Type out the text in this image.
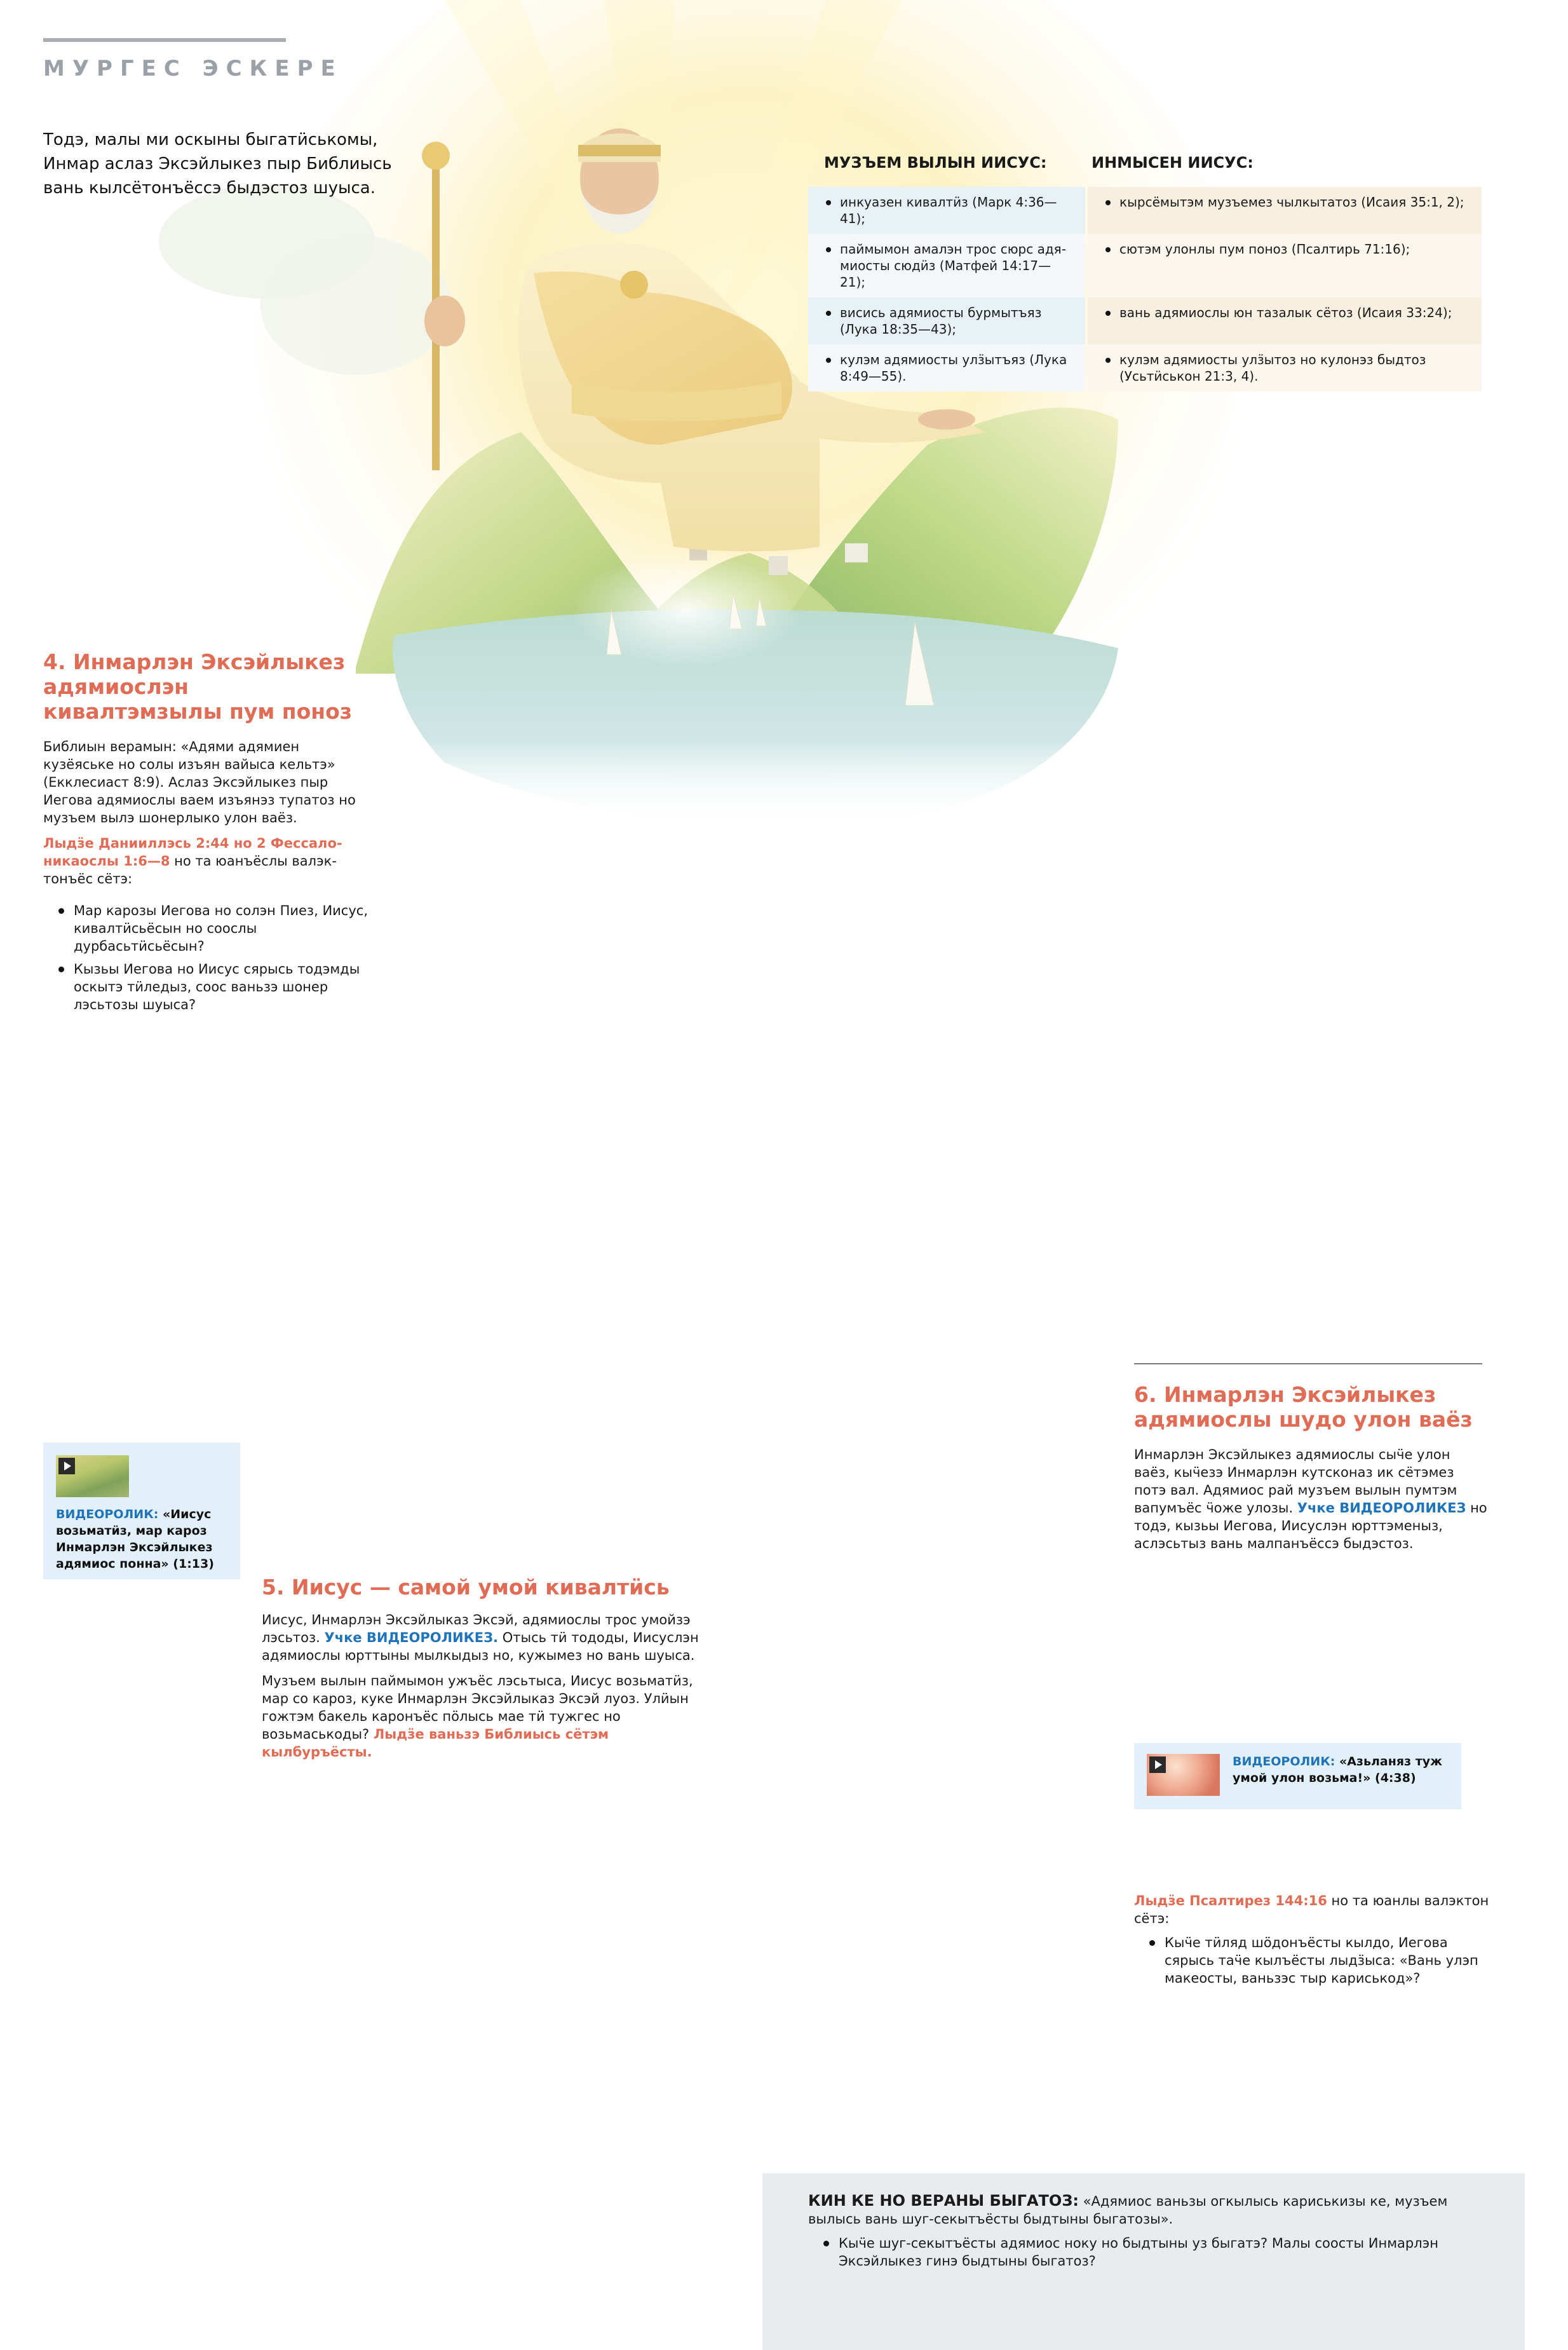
МУРГЕС ЭСКЕРЕ
Тодэ, малы ми оскыны быгатӥськомы, Инмар аслаз Эксэйлыкез пыр Библиысь вань кылсётонъёссэ быдэстоз шуыса.
МУЗЪЕМ ВЫЛЫН ИИСУС:	ИНМЫСЕН ИИСУС:
инкуазен кивалтӥз (Марк 4:36—41);
кырсёмытэм музъемез чылкытатоз (Исаия 35:1, 2);
паймымон амалэн трос сюрс адямиосты сюдӥз (Матфей 14:17—21);
сютэм улонлы пум поноз (Псалтирь 71:16);
висись адямиосты бурмытъяз (Лука 18:35—43);
вань адямиослы юн тазалык сётоз (Исаия 33:24);
кулэм адямиосты улӟытъяз (Лука 8:49—55).
кулэм адямиосты улӟытоз но кулонэз быдтоз (Усьтӥськон 21:3, 4).
4. Инмарлэн Эксэйлыкез адямиослэн кивалтэмзылы пум поноз
Библиын верамын: «Адями адямиен кузёяське но солы изъян вайыса кельтэ» (Екклесиаст 8:9). Аслаз Эксэйлыкез пыр Иегова адямиослы ваем изъянэз тупатоз но музъем вылэ шонерлыко улон ваёз.
Лыдӟе Данииллэсь 2:44 но 2 Фессалоникаослы 1:6—8 но та юанъёслы валэктонъёс сётэ:
Мар карозы Иегова но солэн Пиез, Иисус, кивалтӥсьёсын но соослы дурбасьтӥсьёсын?
Кызьы Иегова но Иисус сярысь тодэмды оскытэ тӥледыз, соос ваньзэ шонер лэсьтозы шуыса?
ВИДЕОРОЛИК: «Иисус возьматӥз, мар кароз Инмарлэн Эксэйлыкез адямиос понна» (1:13)
5. Иисус — самой умой кивалтӥсь
Иисус, Инмарлэн Эксэйлыказ Эксэй, адямиослы трос умойзэ лэсьтоз. Учке ВИДЕОРОЛИКЕЗ. Отысь тӥ тододы, Иисуслэн адямиослы юрттыны мылкыдыз но, кужымез но вань шуыса.
Музъем вылын паймымон ужъёс лэсьтыса, Иисус возьматӥз, мар со кароз, куке Инмарлэн Эксэйлыказ Эксэй луоз. Улӥын гожтэм бакель каронъёс пӧлысь мае тӥ тужгес но возьмаськоды? Лыдӟе ваньзэ Библиысь сётэм кылбуръёсты.
6. Инмарлэн Эксэйлыкез адямиослы шудо улон ваёз
Инмарлэн Эксэйлыкез адямиослы сыӵе улон ваёз, кыӵезэ Инмарлэн кутсконаз ик сётэмез потэ вал. Адямиос рай музъем вылын пумтэм вапумъёс ӵоже улозы. Учке ВИДЕОРОЛИКЕЗ но тодэ, кызьы Иегова, Иисуслэн юрттэменыз, аслэсьтыз вань малпанъёссэ быдэстоз.
ВИДЕОРОЛИК: «Азьланяз туж умой улон возьма!» (4:38)
Лыдӟе Псалтирез 144:16 но та юанлы валэктон сётэ:
Кыӵе тӥляд шӧдонъёсты кылдо, Иегова сярысь таӵе кылъёсты лыдӟыса: «Вань улэп макеосты, ваньзэс тыр кариськод»?
КИН КЕ НО ВЕРАНЫ БЫГАТОЗ: «Адямиос ваньзы огкылысь кариськизы ке, музъем вылысь вань шуг-секытъёсты быдтыны быгатозы».
Кыӵе шуг-секытъёсты адямиос ноку но быдтыны уз быгатэ? Малы соосты Инмарлэн Эксэйлыкез гинэ быдтыны быгатоз?
